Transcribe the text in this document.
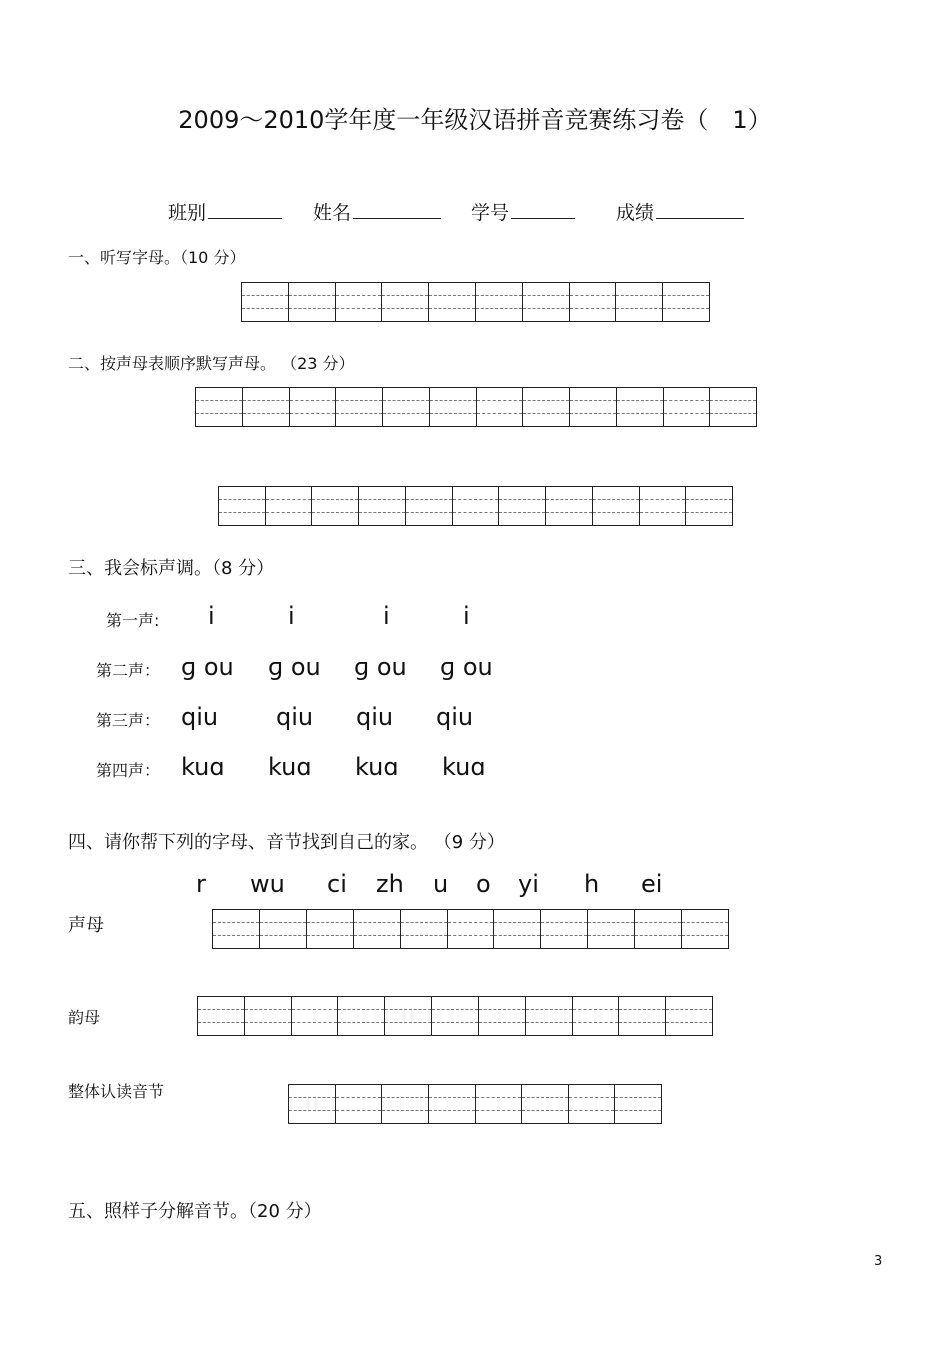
2009～2010学年度一年级汉语拼音竞赛练习卷（　1）
班别	姓名	学号	成绩
一、听写字母。（10 分）
二、按声母表顺序默写声母。 （23 分）
三、我会标声调。（8 分）
第一声: i	i	i	i
第二声： ɡ ou ɡ ou ɡ ou ɡ ou
第三声： qiu qiu qiu qiu
第四声： kuɑ kuɑ kuɑ kuɑ
四、请你帮下列的字母、音节找到自己的家。 （9 分）
r wu ci zh u o yi h ei
声母
韵母
整体认读音节
五、照样子分解音节。（20 分）
3
